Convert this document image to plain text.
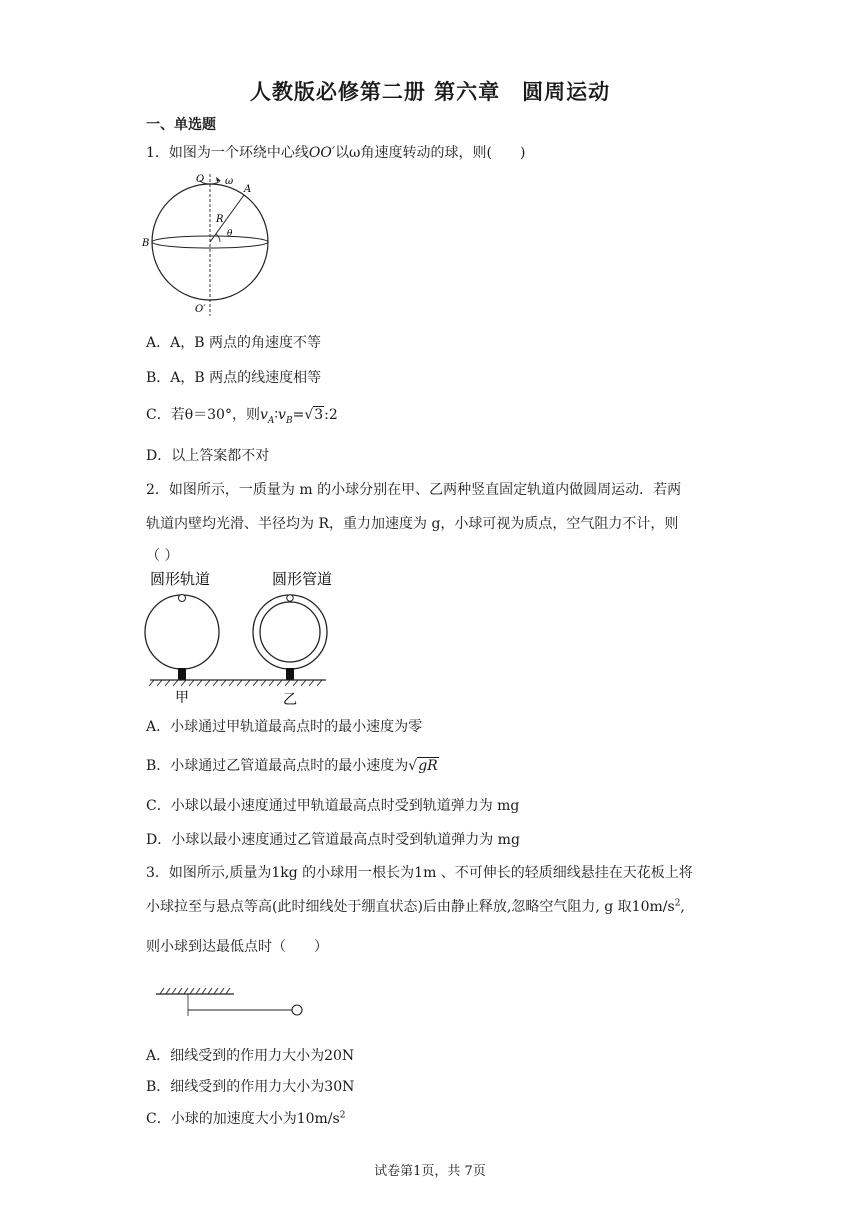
人教版必修第二册 第六章　圆周运动
一、单选题
1．如图为一个环绕中心线OO′以ω角速度转动的球，则(　　)
O ω
A
R
θ
B
O′
A．A，B 两点的角速度不等
B．A，B 两点的线速度相等
C．若θ＝30°，则$v_A∶v_B=√3:2$
D．以上答案都不对
2．如图所示，一质量为 m 的小球分别在甲、乙两种竖直固定轨道内做圆周运动．若两
轨道内壁均光滑、半径均为 R，重力加速度为 g，小球可视为质点，空气阻力不计，则
（ ）
圆形轨道	圆形管道
甲	乙
A．小球通过甲轨道最高点时的最小速度为零
B．小球通过乙管道最高点时的最小速度为√gR
C．小球以最小速度通过甲轨道最高点时受到轨道弹力为 mg
D．小球以最小速度通过乙管道最高点时受到轨道弹力为 mg
3．如图所示,质量为1kg 的小球用一根长为1m 、不可伸长的轻质细线悬挂在天花板上将
小球拉至与悬点等高(此时细线处于绷直状态)后由静止释放,忽略空气阻力, g 取$10m/s^2$,
则小球到达最低点时（　　）
A．细线受到的作用力大小为20N
B．细线受到的作用力大小为30N
C．小球的加速度大小为$10m/s^2$
试卷第1页，共 7页
